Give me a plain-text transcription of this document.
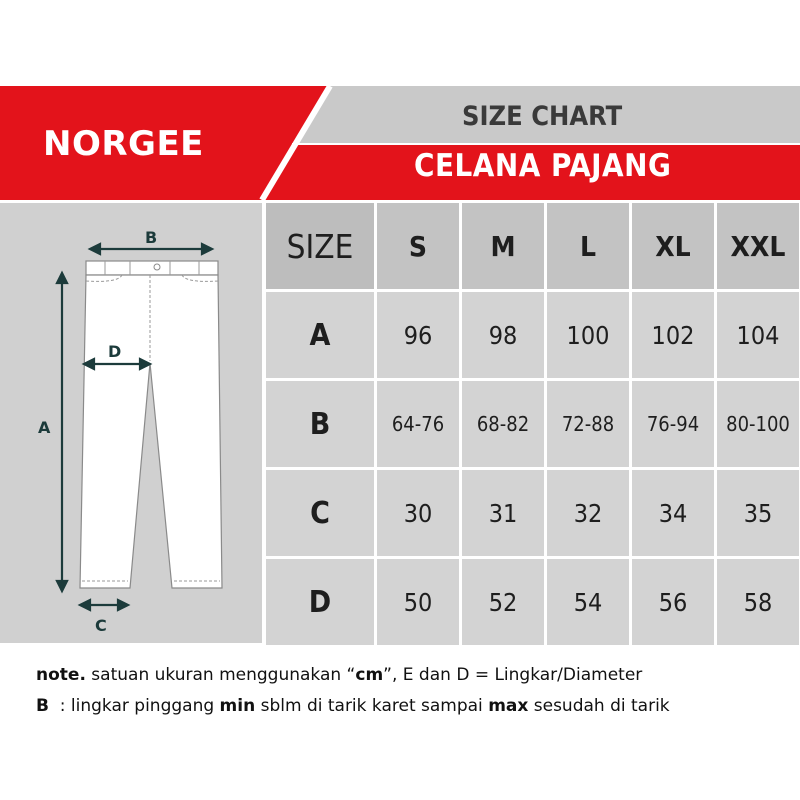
NORGEE
SIZE CHART
CELANA PAJANG
B
D
A
C
SIZE	S	M	L	XL	XXL
A	96	98	100	102	104
B	64-76	68-82	72-88	76-94	80-100
C	30	31	32	34	35
D	50	52	54	56	58
note. satuan ukuran menggunakan “cm”, E dan D = Lingkar/Diameter
B  : lingkar pinggang min sblm di tarik karet sampai max sesudah di tarik
